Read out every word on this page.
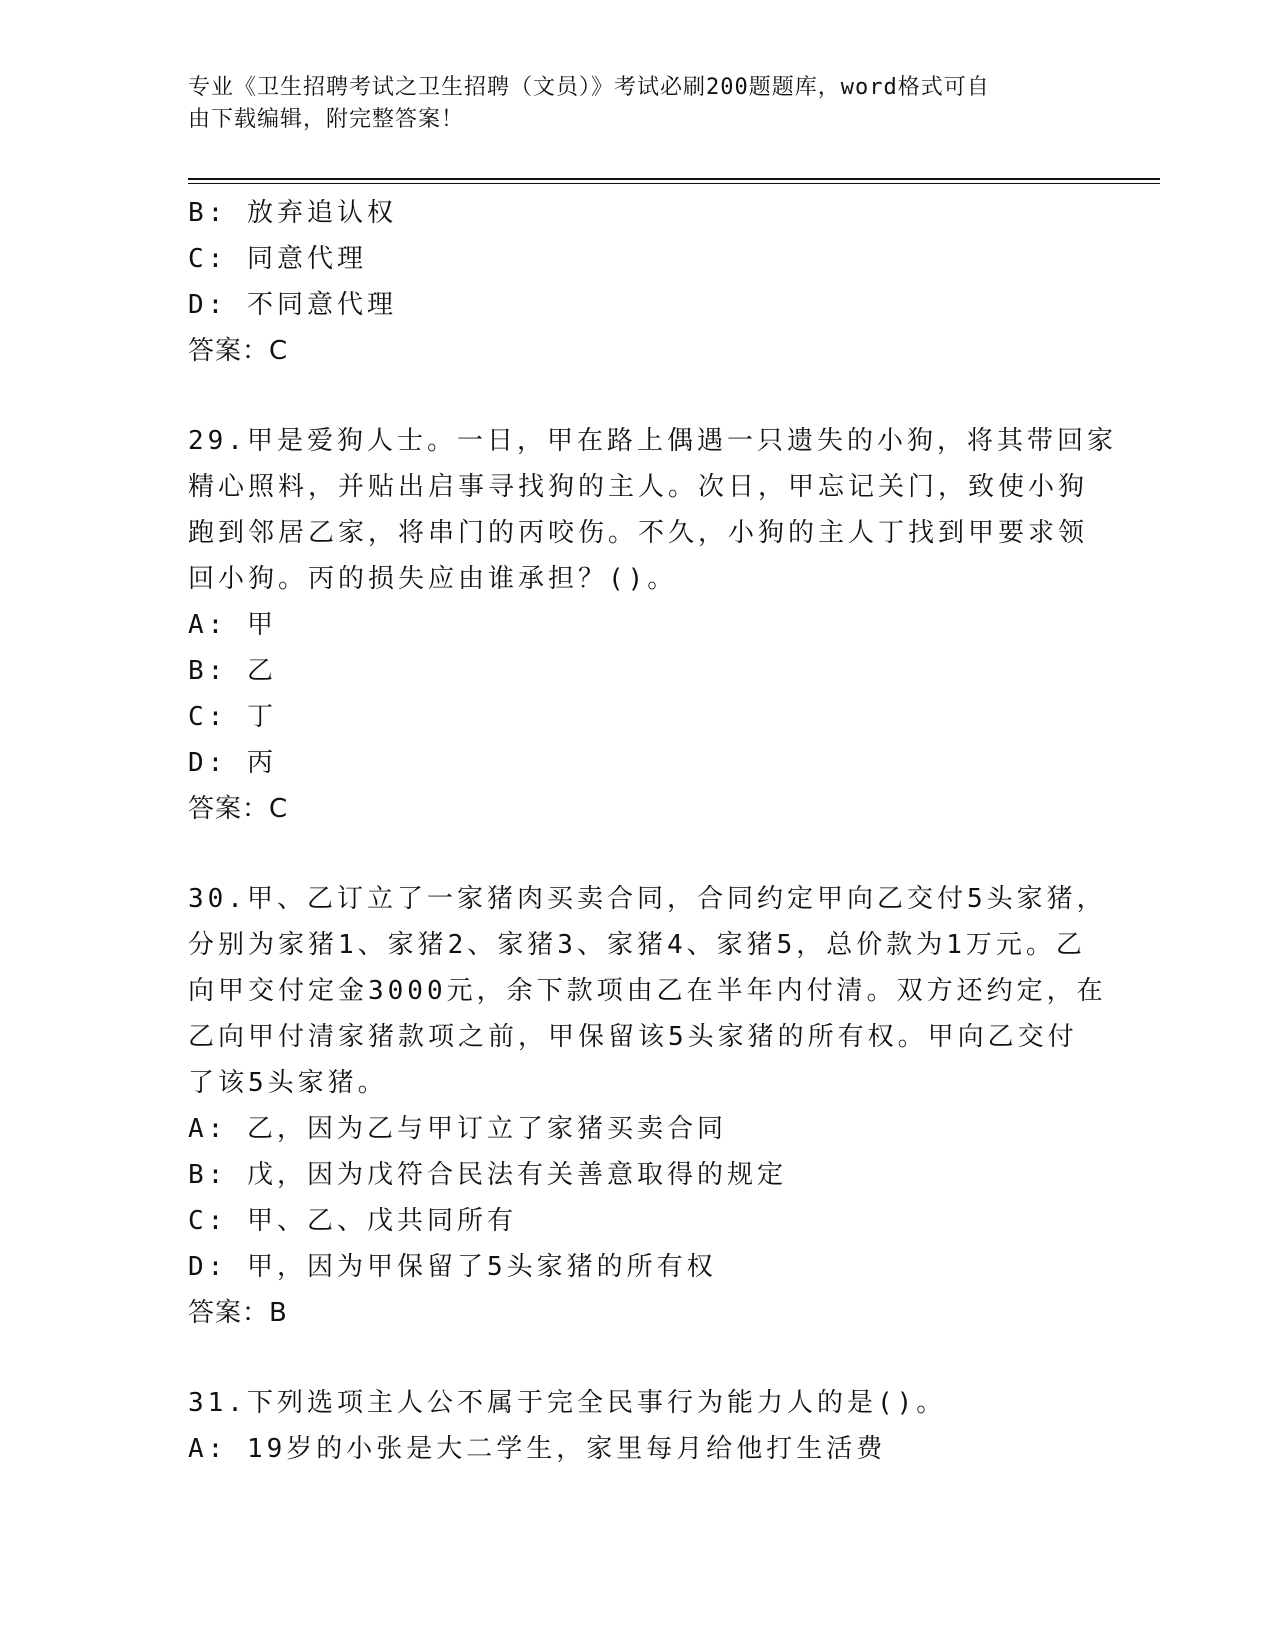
专业《卫生招聘考试之卫生招聘（文员）》考试必刷200题题库，word格式可自
由下载编辑，附完整答案！
B: 放弃追认权
C: 同意代理
D: 不同意代理
答案：C
29.甲是爱狗人士。一日，甲在路上偶遇一只遗失的小狗，将其带回家
精心照料，并贴出启事寻找狗的主人。次日，甲忘记关门，致使小狗
跑到邻居乙家，将串门的丙咬伤。不久，小狗的主人丁找到甲要求领
回小狗。丙的损失应由谁承担？()。
A: 甲
B: 乙
C: 丁
D: 丙
答案：C
30.甲、乙订立了一家猪肉买卖合同，合同约定甲向乙交付5头家猪，
分别为家猪1、家猪2、家猪3、家猪4、家猪5，总价款为1万元。乙
向甲交付定金3000元，余下款项由乙在半年内付清。双方还约定，在
乙向甲付清家猪款项之前，甲保留该5头家猪的所有权。甲向乙交付
了该5头家猪。
A: 乙，因为乙与甲订立了家猪买卖合同
B: 戊，因为戊符合民法有关善意取得的规定
C: 甲、乙、戊共同所有
D: 甲，因为甲保留了5头家猪的所有权
答案：B
31.下列选项主人公不属于完全民事行为能力人的是()。
A: 19岁的小张是大二学生，家里每月给他打生活费
